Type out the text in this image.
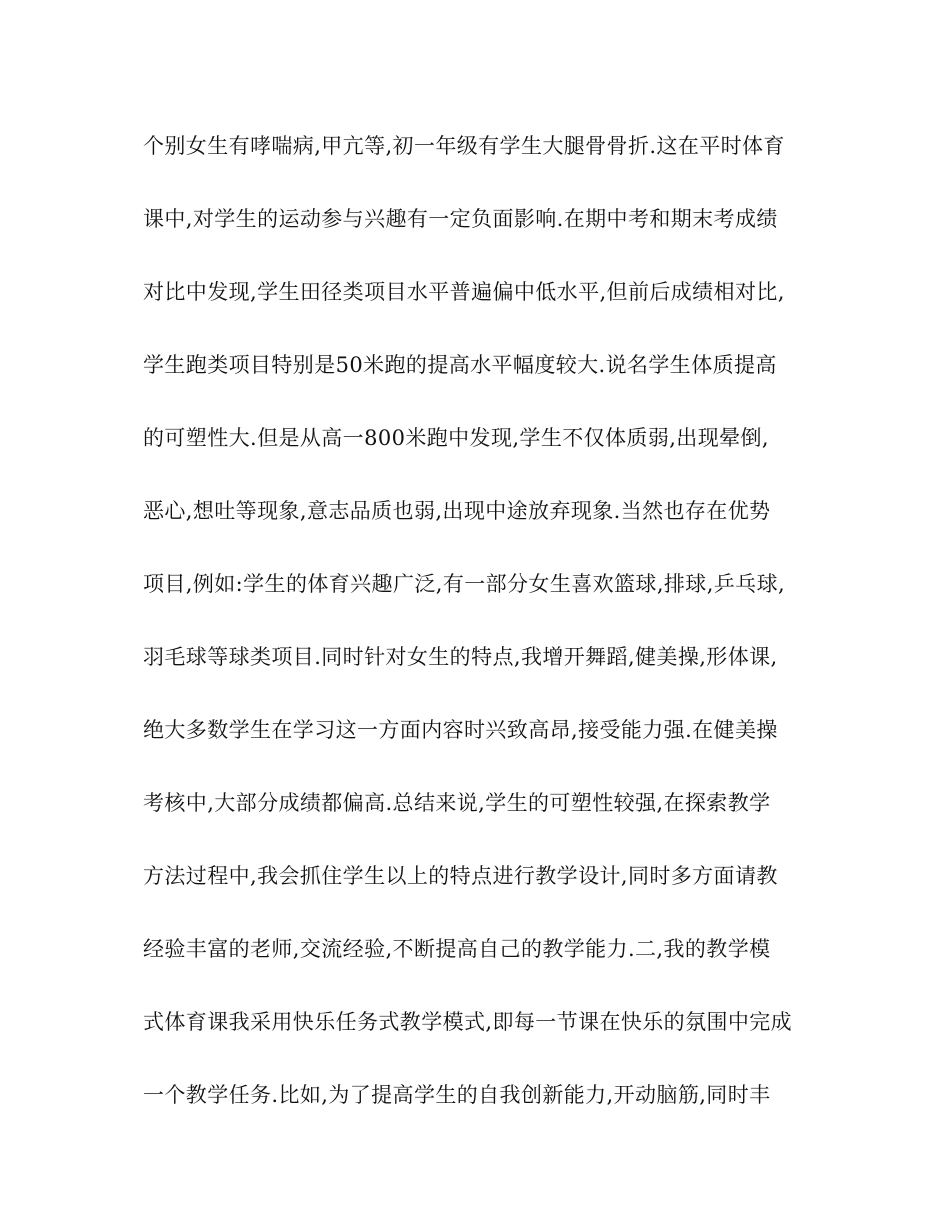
个别女生有哮喘病,甲亢等,初一年级有学生大腿骨骨折.这在平时体育
课中,对学生的运动参与兴趣有一定负面影响.在期中考和期末考成绩
对比中发现,学生田径类项目水平普遍偏中低水平,但前后成绩相对比,
学生跑类项目特别是50米跑的提高水平幅度较大.说名学生体质提高
的可塑性大.但是从高一800米跑中发现,学生不仅体质弱,出现晕倒,
恶心,想吐等现象,意志品质也弱,出现中途放弃现象.当然也存在优势
项目,例如:学生的体育兴趣广泛,有一部分女生喜欢篮球,排球,乒乓球,
羽毛球等球类项目.同时针对女生的特点,我增开舞蹈,健美操,形体课,
绝大多数学生在学习这一方面内容时兴致高昂,接受能力强.在健美操
考核中,大部分成绩都偏高.总结来说,学生的可塑性较强,在探索教学
方法过程中,我会抓住学生以上的特点进行教学设计,同时多方面请教
经验丰富的老师,交流经验,不断提高自己的教学能力.二,我的教学模
式体育课我采用快乐任务式教学模式,即每一节课在快乐的氛围中完成
一个教学任务.比如,为了提高学生的自我创新能力,开动脑筋,同时丰
